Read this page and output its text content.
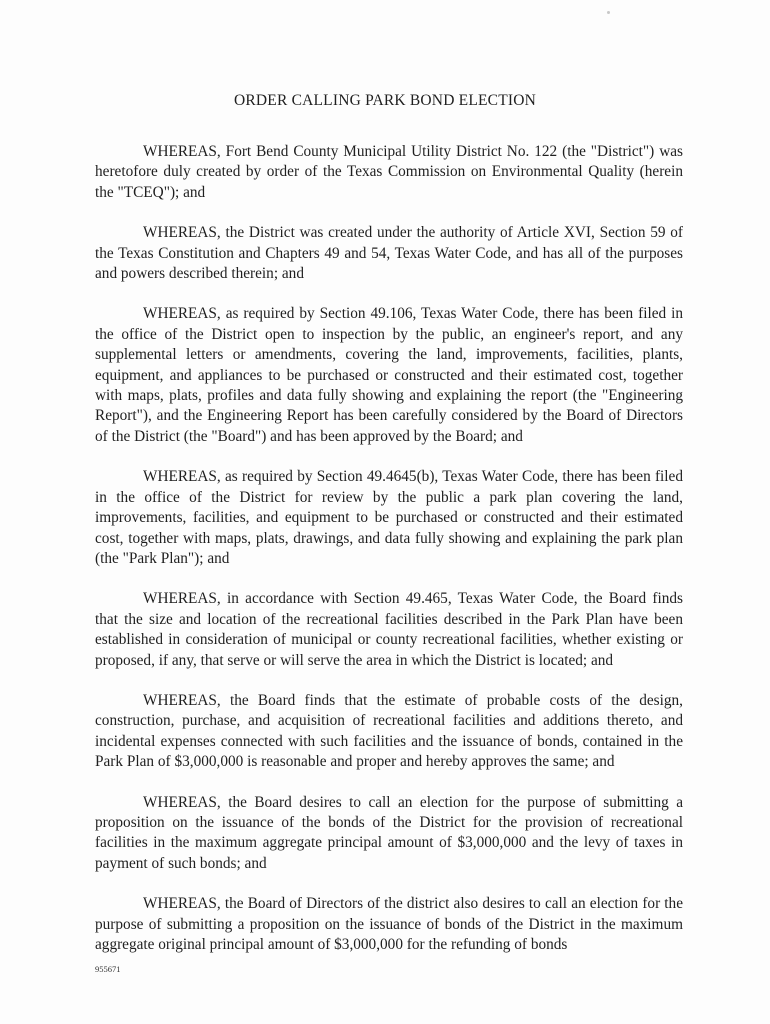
ORDER CALLING PARK BOND ELECTION

WHEREAS, Fort Bend County Municipal Utility District No. 122 (the "District") was heretofore duly created by order of the Texas Commission on Environmental Quality (herein the "TCEQ"); and

WHEREAS, the District was created under the authority of Article XVI, Section 59 of the Texas Constitution and Chapters 49 and 54, Texas Water Code, and has all of the purposes and powers described therein; and

WHEREAS, as required by Section 49.106, Texas Water Code, there has been filed in the office of the District open to inspection by the public, an engineer's report, and any supplemental letters or amendments, covering the land, improvements, facilities, plants, equipment, and appliances to be purchased or constructed and their estimated cost, together with maps, plats, profiles and data fully showing and explaining the report (the "Engineering Report"), and the Engineering Report has been carefully considered by the Board of Directors of the District (the "Board") and has been approved by the Board; and

WHEREAS, as required by Section 49.4645(b), Texas Water Code, there has been filed in the office of the District for review by the public a park plan covering the land, improvements, facilities, and equipment to be purchased or constructed and their estimated cost, together with maps, plats, drawings, and data fully showing and explaining the park plan (the "Park Plan"); and

WHEREAS, in accordance with Section 49.465, Texas Water Code, the Board finds that the size and location of the recreational facilities described in the Park Plan have been established in consideration of municipal or county recreational facilities, whether existing or proposed, if any, that serve or will serve the area in which the District is located; and

WHEREAS, the Board finds that the estimate of probable costs of the design, construction, purchase, and acquisition of recreational facilities and additions thereto, and incidental expenses connected with such facilities and the issuance of bonds, contained in the Park Plan of $3,000,000 is reasonable and proper and hereby approves the same; and

WHEREAS, the Board desires to call an election for the purpose of submitting a proposition on the issuance of the bonds of the District for the provision of recreational facilities in the maximum aggregate principal amount of $3,000,000 and the levy of taxes in payment of such bonds; and

WHEREAS, the Board of Directors of the district also desires to call an election for the purpose of submitting a proposition on the issuance of bonds of the District in the maximum aggregate original principal amount of $3,000,000 for the refunding of bonds

955671
